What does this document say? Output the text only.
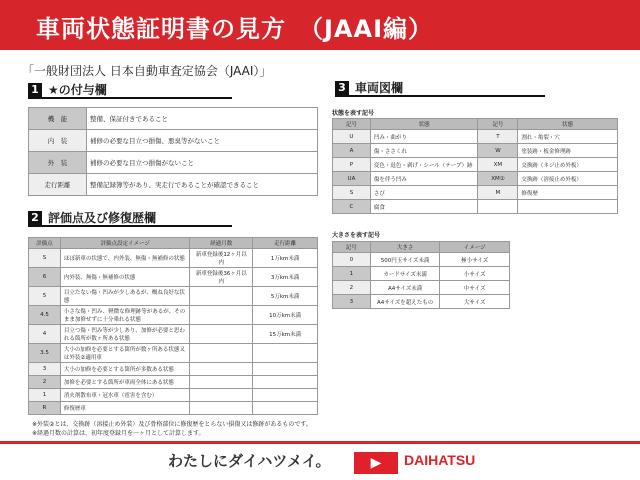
車両状態証明書の見方　（JAAI編）
「一般財団法人 日本自動車査定協会（JAAI）」
1 ★の付与欄
機　能	整備、保証付きであること
内　装	補修の必要な目立つ損傷、悪臭等がないこと
外　装	補修の必要な目立つ損傷がないこと
走行距離	整備記録簿等があり、実走行であることが確認できること
2 評価点及び修復歴欄
評価点	評価点設定イメージ	経過月数	走行距離
S	ほぼ新車の状態で、内外装、無傷・無補修の状態	新車登録後12ヶ月以内	1万km未満
6	内外装、無傷・無補修の状態	新車登録後36ヶ月以内	3万km未満
5	目立たない傷・凹みが少しあるが、概ね良好な状態		5万km未満
4.5	小さな傷・凹み、軽微な修理跡等があるが、そのまま加修せずに十分乗れる状態		10万km未満
4	目立つ傷・凹み等が少しあり、加修が必要と思われる箇所が数ヶ所ある状態		15万km未満
3.5	大小の加修を必要とする箇所が数ヶ所ある状態又は外装②適用車		
3	大小の加修を必要とする箇所が多数ある状態		
2	加修を必要とする箇所が車両全体にある状態		
1	消火剤散布車・冠水車（雹害を含む）		
R	修復歴車		
3 車両図欄
状態を表す記号
記号	状態	記号	状態
U	凹み・曲がり	T	割れ・亀裂・穴
A	傷・ささくれ	W	塗装跡・板金修理跡
P	変色・退色・剥げ・シール（テープ）跡	XM	交換跡（ネジ止め外板）
UA	傷を伴う凹み	XM②	交換跡（溶接止め外板）
S	さび	M	修復歴
C	腐食		
大きさを表す記号
記号	大きさ	イメージ
0	500円玉サイズ未満	極小サイズ
1	カードサイズ未満	小サイズ
2	A4サイズ未満	中サイズ
3	A4サイズを超えたもの	大サイズ
※外装②とは、交換跡（溶接止め外装）及び骨格部位に修復歴をとらない損傷又は修跡があるものです。
※経過月数の計算は、初年度登録月を一ヶ月として計算します。
わたしにダイハツメイ。	▶	DAIHATSU
